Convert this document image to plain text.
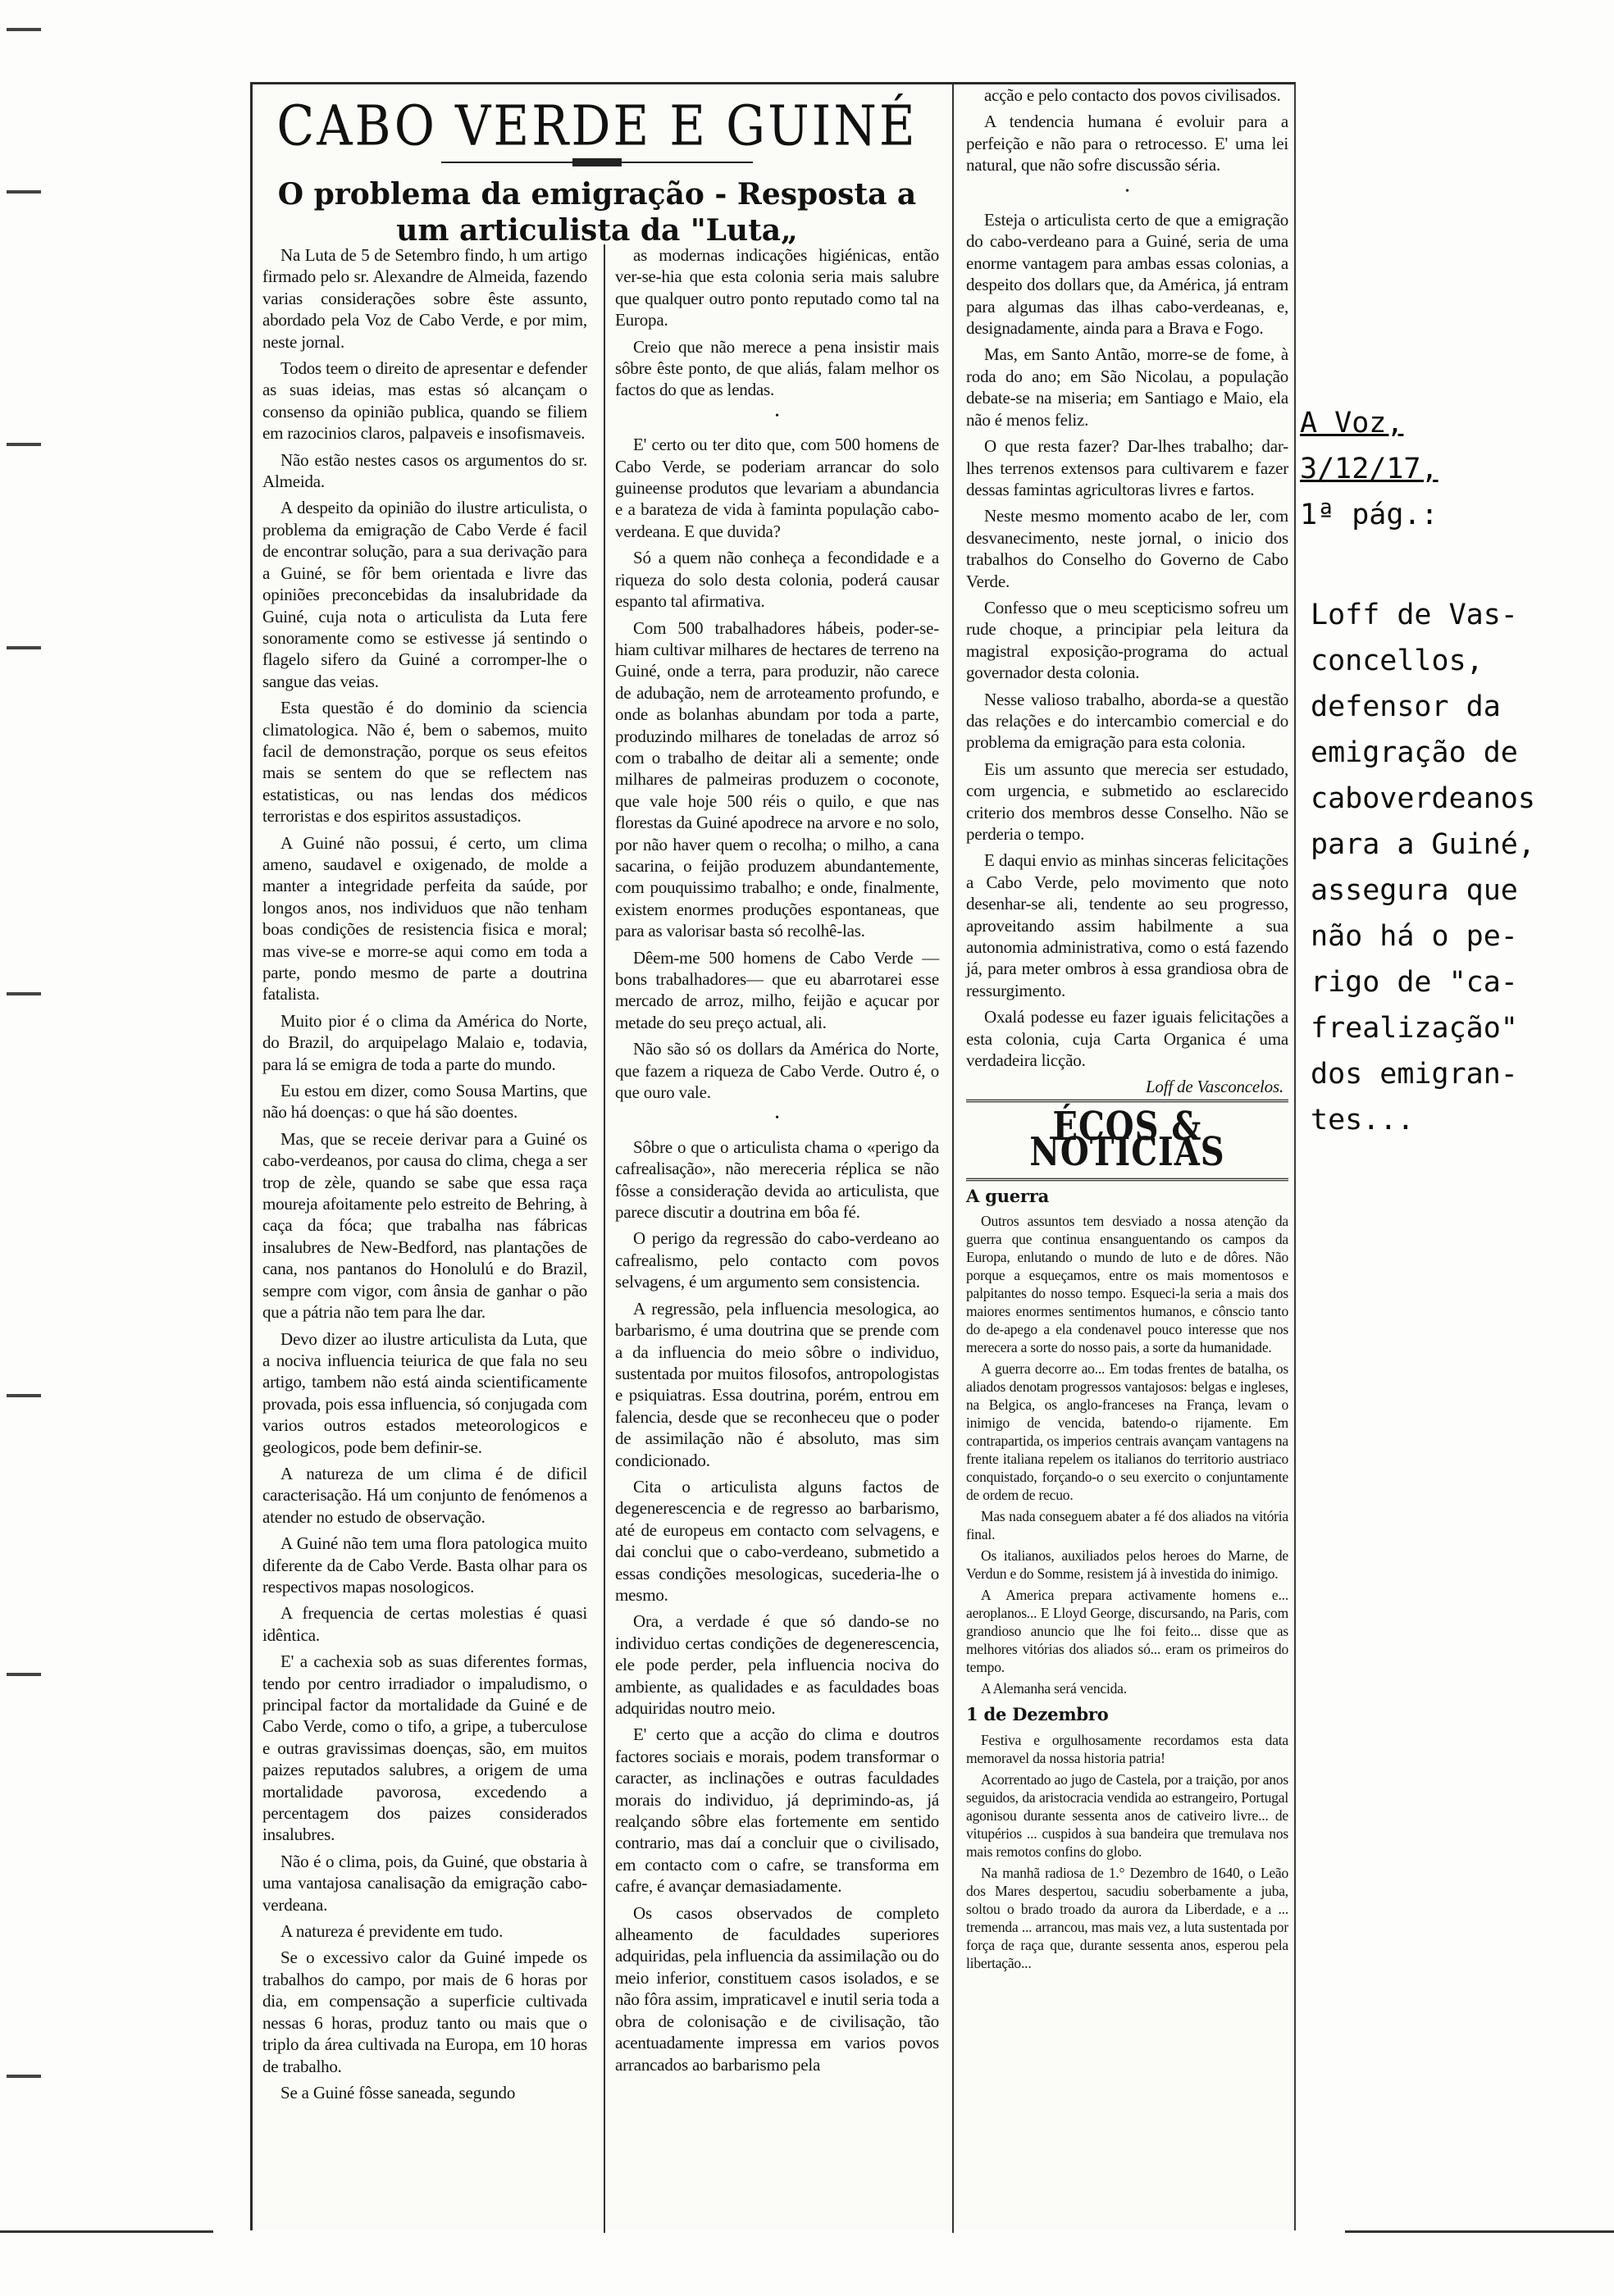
CABO VERDE E GUINÉ
O problema da emigração - Resposta a um articulista da "Luta„

Na Luta de 5 de Setembro findo, h um artigo firmado pelo sr. Alexandre de Almeida, fazendo varias considerações sobre êste assunto, abordado pela Voz de Cabo Verde, e por mim, neste jornal.

Todos teem o direito de apresentar e defender as suas ideias, mas estas só alcançam o consenso da opinião publica, quando se filiem em razocinios claros, palpaveis e insofismaveis.

Não estão nestes casos os argumentos do sr. Almeida.

A despeito da opinião do ilustre articulista, o problema da emigração de Cabo Verde é facil de encontrar solução, para a sua derivação para a Guiné, se fôr bem orientada e livre das opiniões preconcebidas da insalubridade da Guiné, cuja nota o articulista da Luta fere sonoramente como se estivesse já sentindo o flagelo sifero da Guiné a corromper-lhe o sangue das veias.

Esta questão é do dominio da sciencia climatologica. Não é, bem o sabemos, muito facil de demonstração, porque os seus efeitos mais se sentem do que se reflectem nas estatisticas, ou nas lendas dos médicos terroristas e dos espiritos assustadiços.

A Guiné não possui, é certo, um clima ameno, saudavel e oxigenado, de molde a manter a integridade perfeita da saúde, por longos anos, nos individuos que não tenham boas condições de resistencia fisica e moral; mas vive-se e morre-se aqui como em toda a parte, pondo mesmo de parte a doutrina fatalista.

Muito pior é o clima da América do Norte, do Brazil, do arquipelago Malaio e, todavia, para lá se emigra de toda a parte do mundo.

Eu estou em dizer, como Sousa Martins, que não há doenças: o que há são doentes.

Mas, que se receie derivar para a Guiné os cabo-verdeanos, por causa do clima, chega a ser trop de zèle, quando se sabe que essa raça moureja afoitamente pelo estreito de Behring, à caça da fóca; que trabalha nas fábricas insalubres de New-Bedford, nas plantações de cana, nos pantanos do Honolulú e do Brazil, sempre com vigor, com ânsia de ganhar o pão que a pátria não tem para lhe dar.

Devo dizer ao ilustre articulista da Luta, que a nociva influencia teiurica de que fala no seu artigo, tambem não está ainda scientificamente provada, pois essa influencia, só conjugada com varios outros estados meteorologicos e geologicos, pode bem definir-se.

A natureza de um clima é de dificil caracterisação. Há um conjunto de fenómenos a atender no estudo de observação.

A Guiné não tem uma flora patologica muito diferente da de Cabo Verde. Basta olhar para os respectivos mapas nosologicos.

A frequencia de certas molestias é quasi idêntica.

E' a cachexia sob as suas diferentes formas, tendo por centro irradiador o impaludismo, o principal factor da mortalidade da Guiné e de Cabo Verde, como o tifo, a gripe, a tuberculose e outras gravissimas doenças, são, em muitos paizes reputados salubres, a origem de uma mortalidade pavorosa, excedendo a percentagem dos paizes considerados insalubres.

Não é o clima, pois, da Guiné, que obstaria à uma vantajosa canalisação da emigração cabo-verdeana.

A natureza é previdente em tudo.

Se o excessivo calor da Guiné impede os trabalhos do campo, por mais de 6 horas por dia, em compensação a superficie cultivada nessas 6 horas, produz tanto ou mais que o triplo da área cultivada na Europa, em 10 horas de trabalho.

Se a Guiné fôsse saneada, segundo

as modernas indicações higiénicas, então ver-se-hia que esta colonia seria mais salubre que qualquer outro ponto reputado como tal na Europa.

Creio que não merece a pena insistir mais sôbre êste ponto, de que aliás, falam melhor os factos do que as lendas.

•

E' certo ou ter dito que, com 500 homens de Cabo Verde, se poderiam arrancar do solo guineense produtos que levariam a abundancia e a barateza de vida à faminta população cabo-verdeana. E que duvida?

Só a quem não conheça a fecondidade e a riqueza do solo desta colonia, poderá causar espanto tal afirmativa.

Com 500 trabalhadores hábeis, poder-se-hiam cultivar milhares de hectares de terreno na Guiné, onde a terra, para produzir, não carece de adubação, nem de arroteamento profundo, e onde as bolanhas abundam por toda a parte, produzindo milhares de toneladas de arroz só com o trabalho de deitar ali a semente; onde milhares de palmeiras produzem o coconote, que vale hoje 500 réis o quilo, e que nas florestas da Guiné apodrece na arvore e no solo, por não haver quem o recolha; o milho, a cana sacarina, o feijão produzem abundantemente, com pouquissimo trabalho; e onde, finalmente, existem enormes produções espontaneas, que para as valorisar basta só recolhê-las.

Dêem-me 500 homens de Cabo Verde —bons trabalhadores— que eu abarrotarei esse mercado de arroz, milho, feijão e açucar por metade do seu preço actual, ali.

Não são só os dollars da América do Norte, que fazem a riqueza de Cabo Verde. Outro é, o que ouro vale.

•

Sôbre o que o articulista chama o «perigo da cafrealisação», não mereceria réplica se não fôsse a consideração devida ao articulista, que parece discutir a doutrina em bôa fé.

O perigo da regressão do cabo-verdeano ao cafrealismo, pelo contacto com povos selvagens, é um argumento sem consistencia.

A regressão, pela influencia mesologica, ao barbarismo, é uma doutrina que se prende com a da influencia do meio sôbre o individuo, sustentada por muitos filosofos, antropologistas e psiquiatras. Essa doutrina, porém, entrou em falencia, desde que se reconheceu que o poder de assimilação não é absoluto, mas sim condicionado.

Cita o articulista alguns factos de degenerescencia e de regresso ao barbarismo, até de europeus em contacto com selvagens, e dai conclui que o cabo-verdeano, submetido a essas condições mesologicas, sucederia-lhe o mesmo.

Ora, a verdade é que só dando-se no individuo certas condições de degenerescencia, ele pode perder, pela influencia nociva do ambiente, as qualidades e as faculdades boas adquiridas noutro meio.

E' certo que a acção do clima e doutros factores sociais e morais, podem transformar o caracter, as inclinações e outras faculdades morais do individuo, já deprimindo-as, já realçando sôbre elas fortemente em sentido contrario, mas daí a concluir que o civilisado, em contacto com o cafre, se transforma em cafre, é avançar demasiadamente.

Os casos observados de completo alheamento de faculdades superiores adquiridas, pela influencia da assimilação ou do meio inferior, constituem casos isolados, e se não fôra assim, impraticavel e inutil seria toda a obra de colonisação e de civilisação, tão acentuadamente impressa em varios povos arrancados ao barbarismo pela

acção e pelo contacto dos povos civilisados.

A tendencia humana é evoluir para a perfeição e não para o retrocesso. E' uma lei natural, que não sofre discussão séria.

•

Esteja o articulista certo de que a emigração do cabo-verdeano para a Guiné, seria de uma enorme vantagem para ambas essas colonias, a despeito dos dollars que, da América, já entram para algumas das ilhas cabo-verdeanas, e, designadamente, ainda para a Brava e Fogo.

Mas, em Santo Antão, morre-se de fome, à roda do ano; em São Nicolau, a população debate-se na miseria; em Santiago e Maio, ela não é menos feliz.

O que resta fazer? Dar-lhes trabalho; dar-lhes terrenos extensos para cultivarem e fazer dessas famintas agricultoras livres e fartos.

Neste mesmo momento acabo de ler, com desvanecimento, neste jornal, o inicio dos trabalhos do Conselho do Governo de Cabo Verde.

Confesso que o meu scepticismo sofreu um rude choque, a principiar pela leitura da magistral exposição-programa do actual governador desta colonia.

Nesse valioso trabalho, aborda-se a questão das relações e do intercambio comercial e do problema da emigração para esta colonia.

Eis um assunto que merecia ser estudado, com urgencia, e submetido ao esclarecido criterio dos membros desse Conselho. Não se perderia o tempo.

E daqui envio as minhas sinceras felicitações a Cabo Verde, pelo movimento que noto desenhar-se ali, tendente ao seu progresso, aproveitando assim habilmente a sua autonomia administrativa, como o está fazendo já, para meter ombros à essa grandiosa obra de ressurgimento.

Oxalá podesse eu fazer iguais felicitações a esta colonia, cuja Carta Organica é uma verdadeira licção.

Loff de Vasconcelos.
ÉCOS & NOTICIAS
A guerra

Outros assuntos tem desviado a nossa atenção da guerra que continua ensanguentando os campos da Europa, enlutando o mundo de luto e de dôres. Não porque a esqueçamos, entre os mais momentosos e palpitantes do nosso tempo. Esqueci-la seria a mais dos maiores enormes sentimentos humanos, e cônscio tanto do de-apego a ela condenavel pouco interesse que nos merecera a sorte do nosso pais, a sorte da humanidade.

A guerra decorre ao... Em todas frentes de batalha, os aliados denotam progressos vantajosos: belgas e ingleses, na Belgica, os anglo-franceses na França, levam o inimigo de vencida, batendo-o rijamente. Em contrapartida, os imperios centrais avançam vantagens na frente italiana repelem os italianos do territorio austriaco conquistado, forçando-o o seu exercito o conjuntamente de ordem de recuo.

Mas nada conseguem abater a fé dos aliados na vitória final.

Os italianos, auxiliados pelos heroes do Marne, de Verdun e do Somme, resistem já à investida do inimigo.

A America prepara activamente homens e... aeroplanos... E Lloyd George, discursando, na Paris, com grandioso anuncio que lhe foi feito... disse que as melhores vitórias dos aliados só... eram os primeiros do tempo.

A Alemanha será vencida.

1 de Dezembro

Festiva e orgulhosamente recordamos esta data memoravel da nossa historia patria!

Acorrentado ao jugo de Castela, por a traição, por anos seguidos, da aristocracia vendida ao estrangeiro, Portugal agonisou durante sessenta anos de cativeiro livre... de vitupérios ... cuspidos à sua bandeira que tremulava nos mais remotos confins do globo.

Na manhã radiosa de 1.° Dezembro de 1640, o Leão dos Mares despertou, sacudiu soberbamente a juba, soltou o brado troado da aurora da Liberdade, e a ... tremenda ... arrancou, mas mais vez, a luta sustentada por força de raça que, durante sessenta anos, esperou pela libertação...

A Voz,
3/12/17,
1ª pág.:
Loff de Vas-
concellos,
defensor da
emigração de
caboverdeanos
para a Guiné,
assegura que
não há o pe-
rigo de "ca-
frealização"
dos emigran-
tes...
